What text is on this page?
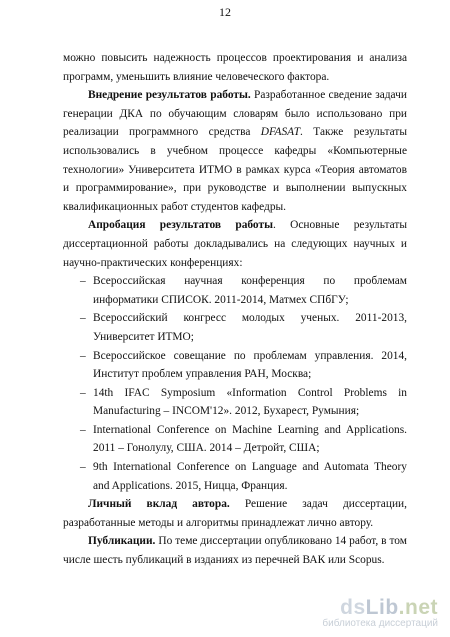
12

можно повысить надежность процессов проектирования и анализа программ, уменьшить влияние человеческого фактора.

Внедрение результатов работы. Разработанное сведение задачи генерации ДКА по обучающим словарям было использовано при реализации программного средства DFASAT. Также результаты использовались в учебном процессе кафедры «Компьютерные технологии» Университета ИТМО в рамках курса «Теория автоматов и программирование», при руководстве и выполнении выпускных квалификационных работ студентов кафедры.

Апробация результатов работы. Основные результаты диссертационной работы докладывались на следующих научных и научно-практических конференциях:

– Всероссийская научная конференция по проблемам информатики СПИСОК. 2011-2014, Матмех СПбГУ;
– Всероссийский конгресс молодых ученых. 2011-2013, Университет ИТМО;
– Всероссийское совещание по проблемам управления. 2014, Институт проблем управления РАН, Москва;
– 14th IFAC Symposium «Information Control Problems in Manufacturing – INCOM'12». 2012, Бухарест, Румыния;
– International Conference on Machine Learning and Applications. 2011 – Гонолулу, США. 2014 – Детройт, США;
– 9th International Conference on Language and Automata Theory and Applications. 2015, Ницца, Франция.

Личный вклад автора. Решение задач диссертации, разработанные методы и алгоритмы принадлежат лично автору.

Публикации. По теме диссертации опубликовано 14 работ, в том числе шесть публикаций в изданиях из перечней ВАК или Scopus.

dsLib.net
библиотека диссертаций
